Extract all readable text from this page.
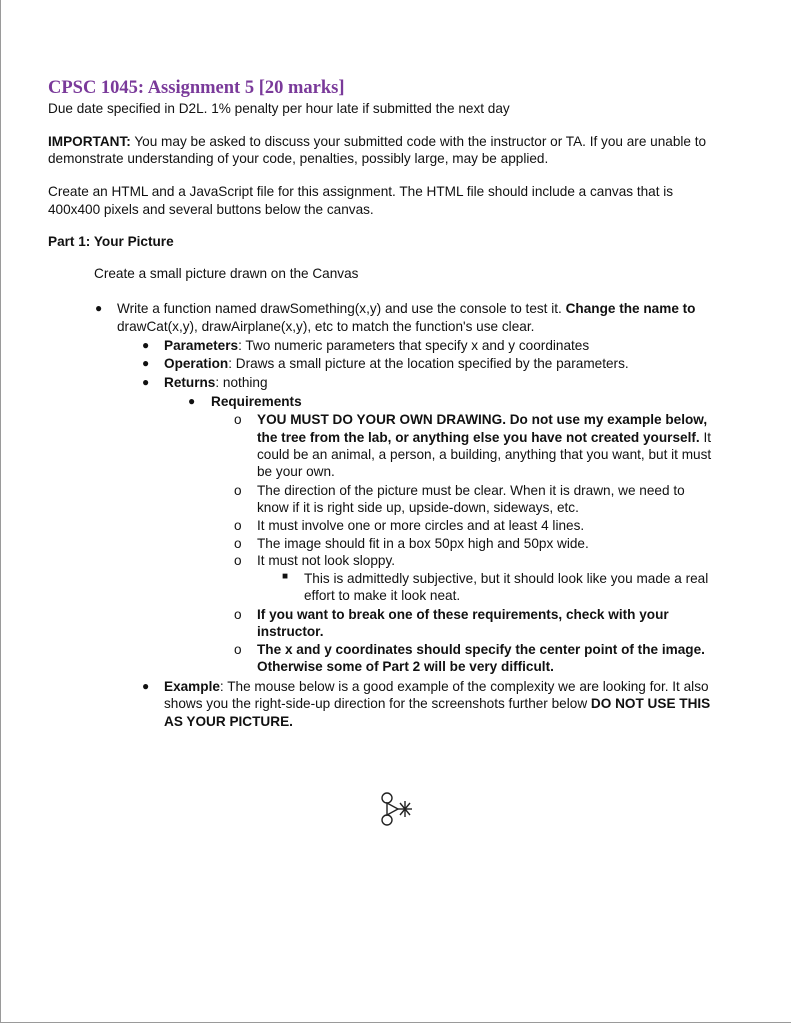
CPSC 1045: Assignment 5 [20 marks]
Due date specified in D2L. 1% penalty per hour late if submitted the next day
IMPORTANT: You may be asked to discuss your submitted code with the instructor or TA. If you are unable to
demonstrate understanding of your code, penalties, possibly large, may be applied.
Create an HTML and a JavaScript file for this assignment. The HTML file should include a canvas that is
400x400 pixels and several buttons below the canvas.
Part 1: Your Picture
Create a small picture drawn on the Canvas
● Write a function named drawSomething(x,y) and use the console to test it. Change the name to
drawCat(x,y), drawAirplane(x,y), etc to match the function's use clear.
● Parameters: Two numeric parameters that specify x and y coordinates
● Operation: Draws a small picture at the location specified by the parameters.
● Returns: nothing
● Requirements
o YOU MUST DO YOUR OWN DRAWING. Do not use my example below,
the tree from the lab, or anything else you have not created yourself. It
could be an animal, a person, a building, anything that you want, but it must
be your own.
o The direction of the picture must be clear. When it is drawn, we need to
know if it is right side up, upside-down, sideways, etc.
o It must involve one or more circles and at least 4 lines.
o The image should fit in a box 50px high and 50px wide.
o It must not look sloppy.
■ This is admittedly subjective, but it should look like you made a real
effort to make it look neat.
o If you want to break one of these requirements, check with your
instructor.
o The x and y coordinates should specify the center point of the image.
Otherwise some of Part 2 will be very difficult.
● Example: The mouse below is a good example of the complexity we are looking for. It also
shows you the right-side-up direction for the screenshots further below DO NOT USE THIS
AS YOUR PICTURE.
